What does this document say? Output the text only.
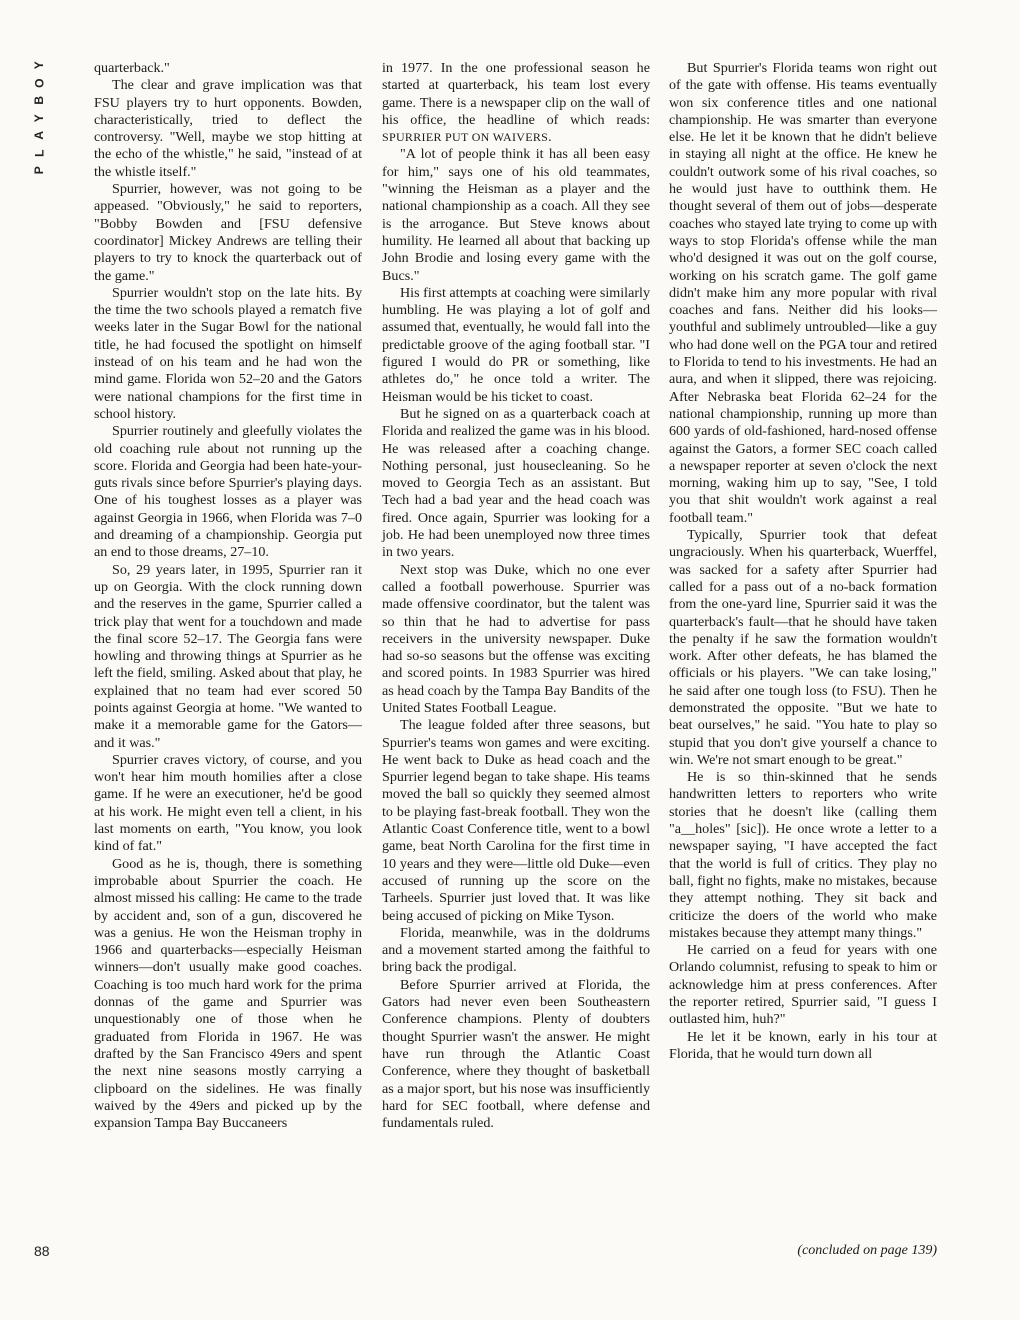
Y
O
B
Y
A
L
P
88

quarterback."

The clear and grave implication was that FSU players try to hurt opponents. Bowden, characteristically, tried to deflect the controversy. "Well, maybe we stop hitting at the echo of the whistle," he said, "instead of at the whistle itself."

Spurrier, however, was not going to be appeased. "Obviously," he said to reporters, "Bobby Bowden and [FSU defensive coordinator] Mickey Andrews are telling their players to try to knock the quarterback out of the game."

Spurrier wouldn't stop on the late hits. By the time the two schools played a rematch five weeks later in the Sugar Bowl for the national title, he had focused the spotlight on himself instead of on his team and he had won the mind game. Florida won 52–20 and the Gators were national champions for the first time in school history.

Spurrier routinely and gleefully violates the old coaching rule about not running up the score. Florida and Georgia had been hate-your-guts rivals since before Spurrier's playing days. One of his toughest losses as a player was against Georgia in 1966, when Florida was 7–0 and dreaming of a championship. Georgia put an end to those dreams, 27–10.

So, 29 years later, in 1995, Spurrier ran it up on Georgia. With the clock running down and the reserves in the game, Spurrier called a trick play that went for a touchdown and made the final score 52–17. The Georgia fans were howling and throwing things at Spurrier as he left the field, smiling. Asked about that play, he explained that no team had ever scored 50 points against Georgia at home. "We wanted to make it a memorable game for the Gators—and it was."

Spurrier craves victory, of course, and you won't hear him mouth homilies after a close game. If he were an executioner, he'd be good at his work. He might even tell a client, in his last moments on earth, "You know, you look kind of fat."

Good as he is, though, there is something improbable about Spurrier the coach. He almost missed his calling: He came to the trade by accident and, son of a gun, discovered he was a genius. He won the Heisman trophy in 1966 and quarterbacks—especially Heisman winners—don't usually make good coaches. Coaching is too much hard work for the prima donnas of the game and Spurrier was unquestionably one of those when he graduated from Florida in 1967. He was drafted by the San Francisco 49ers and spent the next nine seasons mostly carrying a clipboard on the sidelines. He was finally waived by the 49ers and picked up by the expansion Tampa Bay Buccaneers

in 1977. In the one professional season he started at quarterback, his team lost every game. There is a newspaper clip on the wall of his office, the headline of which reads: SPURRIER PUT ON WAIVERS.

"A lot of people think it has all been easy for him," says one of his old teammates, "winning the Heisman as a player and the national championship as a coach. All they see is the arrogance. But Steve knows about humility. He learned all about that backing up John Brodie and losing every game with the Bucs."

His first attempts at coaching were similarly humbling. He was playing a lot of golf and assumed that, eventually, he would fall into the predictable groove of the aging football star. "I figured I would do PR or something, like athletes do," he once told a writer. The Heisman would be his ticket to coast.

But he signed on as a quarterback coach at Florida and realized the game was in his blood. He was released after a coaching change. Nothing personal, just housecleaning. So he moved to Georgia Tech as an assistant. But Tech had a bad year and the head coach was fired. Once again, Spurrier was looking for a job. He had been unemployed now three times in two years.

Next stop was Duke, which no one ever called a football powerhouse. Spurrier was made offensive coordinator, but the talent was so thin that he had to advertise for pass receivers in the university newspaper. Duke had so-so seasons but the offense was exciting and scored points. In 1983 Spurrier was hired as head coach by the Tampa Bay Bandits of the United States Football League.

The league folded after three seasons, but Spurrier's teams won games and were exciting. He went back to Duke as head coach and the Spurrier legend began to take shape. His teams moved the ball so quickly they seemed almost to be playing fast-break football. They won the Atlantic Coast Conference title, went to a bowl game, beat North Carolina for the first time in 10 years and they were—little old Duke—even accused of running up the score on the Tarheels. Spurrier just loved that. It was like being accused of picking on Mike Tyson.

Florida, meanwhile, was in the doldrums and a movement started among the faithful to bring back the prodigal.

Before Spurrier arrived at Florida, the Gators had never even been Southeastern Conference champions. Plenty of doubters thought Spurrier wasn't the answer. He might have run through the Atlantic Coast Conference, where they thought of basketball as a major sport, but his nose was insufficiently hard for SEC football, where defense and fundamentals ruled.

But Spurrier's Florida teams won right out of the gate with offense. His teams eventually won six conference titles and one national championship. He was smarter than everyone else. He let it be known that he didn't believe in staying all night at the office. He knew he couldn't outwork some of his rival coaches, so he would just have to outthink them. He thought several of them out of jobs—desperate coaches who stayed late trying to come up with ways to stop Florida's offense while the man who'd designed it was out on the golf course, working on his scratch game. The golf game didn't make him any more popular with rival coaches and fans. Neither did his looks—youthful and sublimely untroubled—like a guy who had done well on the PGA tour and retired to Florida to tend to his investments. He had an aura, and when it slipped, there was rejoicing. After Nebraska beat Florida 62–24 for the national championship, running up more than 600 yards of old-fashioned, hard-nosed offense against the Gators, a former SEC coach called a newspaper reporter at seven o'clock the next morning, waking him up to say, "See, I told you that shit wouldn't work against a real football team."

Typically, Spurrier took that defeat ungraciously. When his quarterback, Wuerffel, was sacked for a safety after Spurrier had called for a pass out of a no-back formation from the one-yard line, Spurrier said it was the quarterback's fault—that he should have taken the penalty if he saw the formation wouldn't work. After other defeats, he has blamed the officials or his players. "We can take losing," he said after one tough loss (to FSU). Then he demonstrated the opposite. "But we hate to beat ourselves," he said. "You hate to play so stupid that you don't give yourself a chance to win. We're not smart enough to be great."

He is so thin-skinned that he sends handwritten letters to reporters who write stories that he doesn't like (calling them "a__holes" [sic]). He once wrote a letter to a newspaper saying, "I have accepted the fact that the world is full of critics. They play no ball, fight no fights, make no mistakes, because they attempt nothing. They sit back and criticize the doers of the world who make mistakes because they attempt many things."

He carried on a feud for years with one Orlando columnist, refusing to speak to him or acknowledge him at press conferences. After the reporter retired, Spurrier said, "I guess I outlasted him, huh?"

He let it be known, early in his tour at Florida, that he would turn down all

(concluded on page 139)
